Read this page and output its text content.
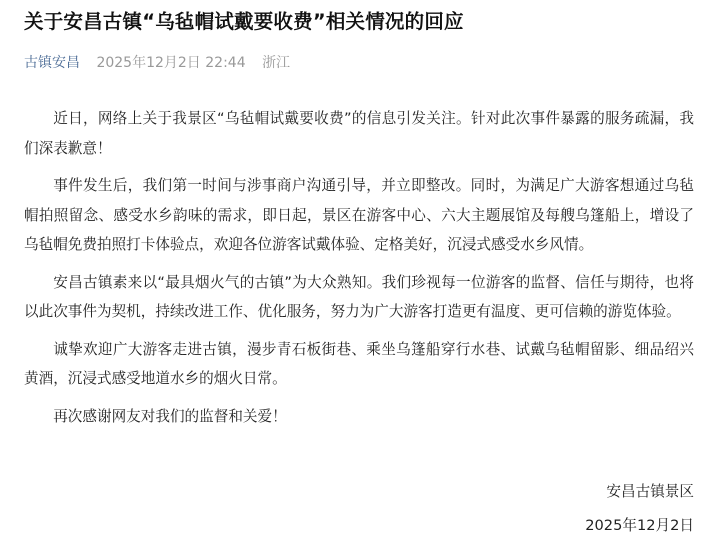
关于安昌古镇“乌毡帽试戴要收费”相关情况的回应
古镇安昌 2025年12月2日 22:44 浙江

近日，网络上关于我景区“乌毡帽试戴要收费”的信息引发关注。针对此次事件暴露的服务疏漏，我们深表歉意！

事件发生后，我们第一时间与涉事商户沟通引导，并立即整改。同时，为满足广大游客想通过乌毡帽拍照留念、感受水乡韵味的需求，即日起，景区在游客中心、六大主题展馆及每艘乌篷船上，增设了乌毡帽免费拍照打卡体验点，欢迎各位游客试戴体验、定格美好，沉浸式感受水乡风情。

安昌古镇素来以“最具烟火气的古镇”为大众熟知。我们珍视每一位游客的监督、信任与期待，也将以此次事件为契机，持续改进工作、优化服务，努力为广大游客打造更有温度、更可信赖的游览体验。

诚挚欢迎广大游客走进古镇，漫步青石板街巷、乘坐乌篷船穿行水巷、试戴乌毡帽留影、细品绍兴黄酒，沉浸式感受地道水乡的烟火日常。

再次感谢网友对我们的监督和关爱！

安昌古镇景区
2025年12月2日
